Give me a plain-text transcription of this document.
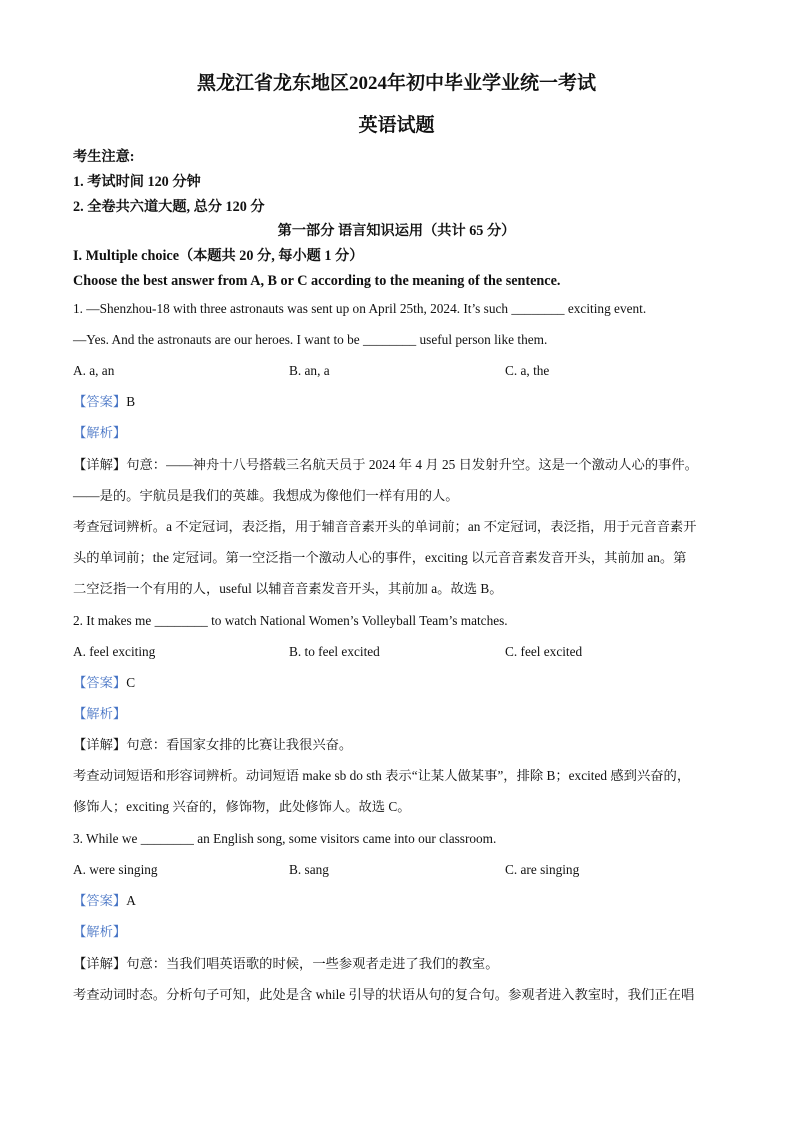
黑龙江省龙东地区2024年初中毕业学业统一考试
英语试题
考生注意:
1. 考试时间 120 分钟
2. 全卷共六道大题, 总分 120 分
第一部分 语言知识运用（共计 65 分）
I. Multiple choice（本题共 20 分, 每小题 1 分）
Choose the best answer from A, B or C according to the meaning of the sentence.
1. —Shenzhou-18 with three astronauts was sent up on April 25th, 2024. It’s such ________ exciting event.
—Yes. And the astronauts are our heroes. I want to be ________ useful person like them.
A. a, an	B. an, a	C. a, the
【答案】B
【解析】
【详解】句意：——神舟十八号搭载三名航天员于 2024 年 4 月 25 日发射升空。这是一个激动人心的事件。
——是的。宇航员是我们的英雄。我想成为像他们一样有用的人。
考查冠词辨析。a 不定冠词，表泛指，用于辅音音素开头的单词前；an 不定冠词，表泛指，用于元音音素开
头的单词前；the 定冠词。第一空泛指一个激动人心的事件，exciting 以元音音素发音开头，其前加 an。第
二空泛指一个有用的人，useful 以辅音音素发音开头，其前加 a。故选 B。
2. It makes me ________ to watch National Women’s Volleyball Team’s matches.
A. feel exciting	B. to feel excited	C. feel excited
【答案】C
【解析】
【详解】句意：看国家女排的比赛让我很兴奋。
考查动词短语和形容词辨析。动词短语 make sb do sth 表示“让某人做某事”，排除 B；excited 感到兴奋的，
修饰人；exciting 兴奋的，修饰物，此处修饰人。故选 C。
3. While we ________ an English song, some visitors came into our classroom.
A. were singing	B. sang	C. are singing
【答案】A
【解析】
【详解】句意：当我们唱英语歌的时候，一些参观者走进了我们的教室。
考查动词时态。分析句子可知，此处是含 while 引导的状语从句的复合句。参观者进入教室时，我们正在唱
